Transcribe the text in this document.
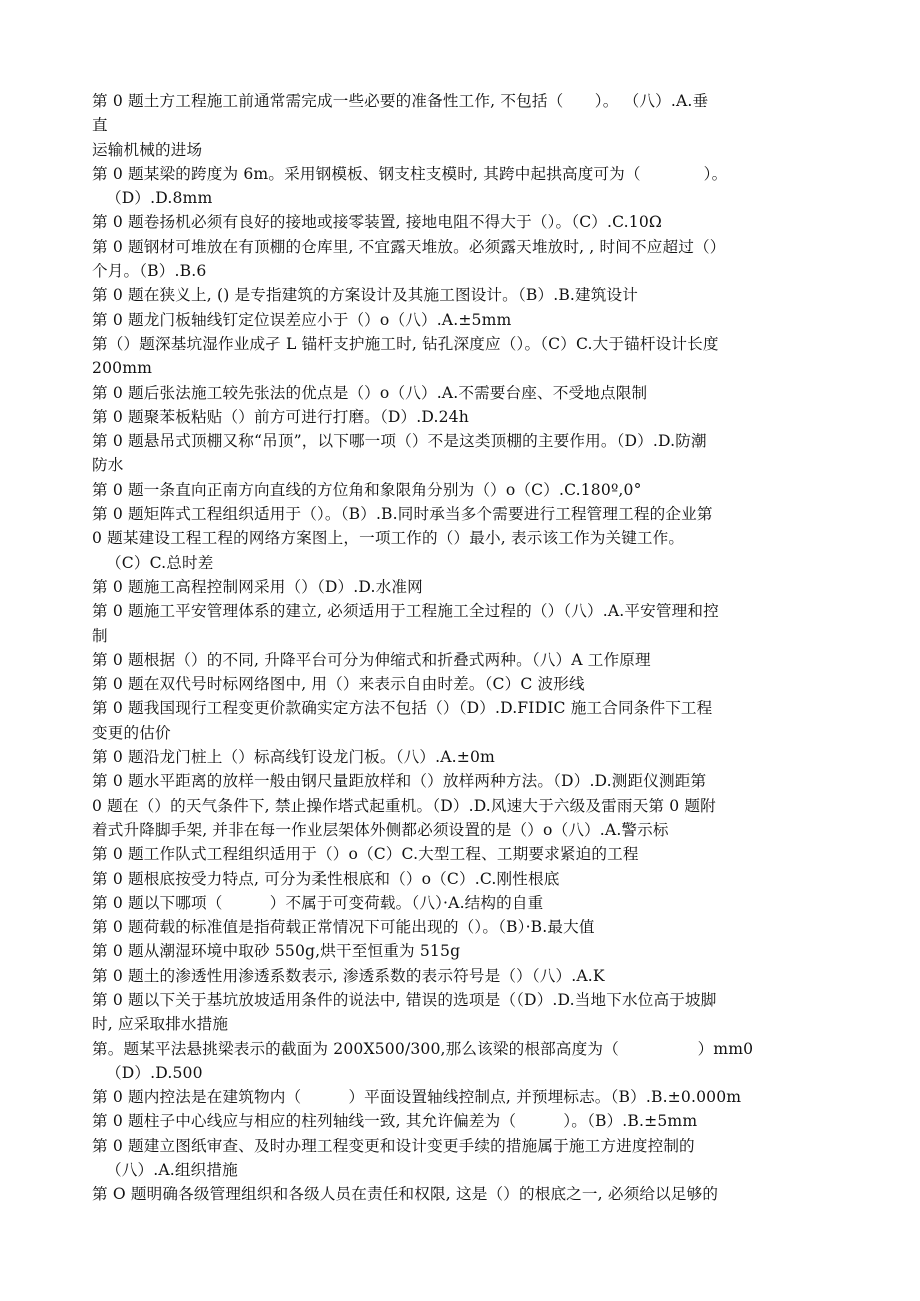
第 0 题土方工程施工前通常需完成一些必要的准备性工作, 不包括（　　）。 （八）.A.垂
直
运输机械的进场
第 0 题某梁的跨度为 6m。采用钢模板、钢支柱支模时, 其跨中起拱高度可为（　　　　）。
（D）.D.8mm
第 0 题卷扬机必须有良好的接地或接零装置, 接地电阻不得大于（）。（C）.C.10Ω
第 0 题钢材可堆放在有顶棚的仓库里, 不宜露天堆放。必须露天堆放时, , 时间不应超过（）
个月。（B）.B.6
第 0 题在狭义上, () 是专指建筑的方案设计及其施工图设计。（B）.B.建筑设计
第 0 题龙门板轴线钉定位误差应小于（）o（八）.A.±5mm
第（）题深基坑湿作业成孑 L 锚杆支护施工时, 钻孔深度应（）。（C）C.大于锚杆设计长度
200mm
第 0 题后张法施工较先张法的优点是（）o（八）.A.不需要台座、不受地点限制
第 0 题聚苯板粘贴（）前方可进行打磨。（D）.D.24h
第 0 题悬吊式顶棚又称“吊顶”，以下哪一项（）不是这类顶棚的主要作用。（D）.D.防潮
防水
第 0 题一条直向正南方向直线的方位角和象限角分别为（）o（C）.C.180º,0°
第 0 题矩阵式工程组织适用于（）。（B）.B.同时承当多个需要进行工程管理工程的企业第
0 题某建设工程工程的网络方案图上，一项工作的（）最小, 表示该工作为关键工作。
（C）C.总时差
第 0 题施工高程控制网采用（）（D）.D.水准网
第 0 题施工平安管理体系的建立, 必须适用于工程施工全过程的（）（八）.A.平安管理和控
制
第 0 题根据（）的不同, 升降平台可分为伸缩式和折叠式两种。（八）A 工作原理
第 0 题在双代号时标网络图中, 用（）来表示自由时差。（C）C 波形线
第 0 题我国现行工程变更价款确实定方法不包括（）（D）.D.FIDIC 施工合同条件下工程
变更的估价
第 0 题沿龙门桩上（）标高线钉设龙门板。（八）.A.±0m
第 0 题水平距离的放样一般由钢尺量距放样和（）放样两种方法。（D）.D.测距仪测距第
0 题在（）的天气条件下, 禁止操作塔式起重机。（D）.D.风速大于六级及雷雨天第 0 题附
着式升降脚手架, 并非在每一作业层架体外侧都必须设置的是（）o（八）.A.警示标
第 0 题工作队式工程组织适用于（）o（C）C.大型工程、工期要求紧迫的工程
第 0 题根底按受力特点, 可分为柔性根底和（）o（C）.C.刚性根底
第 0 题以下哪项（　　　）不属于可变荷载。（八）·A.结构的自重
第 0 题荷载的标准值是指荷载正常情况下可能出现的（）。（B）·B.最大值
第 0 题从潮湿环境中取砂 550g,烘干至恒重为 515g
第 0 题土的渗透性用渗透系数表示, 渗透系数的表示符号是（）（八）.A.K
第 0 题以下关于基坑放坡适用条件的说法中, 错误的选项是（（D）.D.当地下水位高于坡脚
时, 应采取排水措施
第。题某平法悬挑梁表示的截面为 200X500/300,那么该梁的根部高度为（　　　　　）mm0
（D）.D.500
第 0 题内控法是在建筑物内（　　　）平面设置轴线控制点, 并预埋标志。（B）.B.±0.000m
第 0 题柱子中心线应与相应的柱列轴线一致, 其允许偏差为（　　　）。（B）.B.±5mm
第 0 题建立图纸审查、及时办理工程变更和设计变更手续的措施属于施工方进度控制的
（八）.A.组织措施
第 O 题明确各级管理组织和各级人员在责任和权限, 这是（）的根底之一, 必须给以足够的
